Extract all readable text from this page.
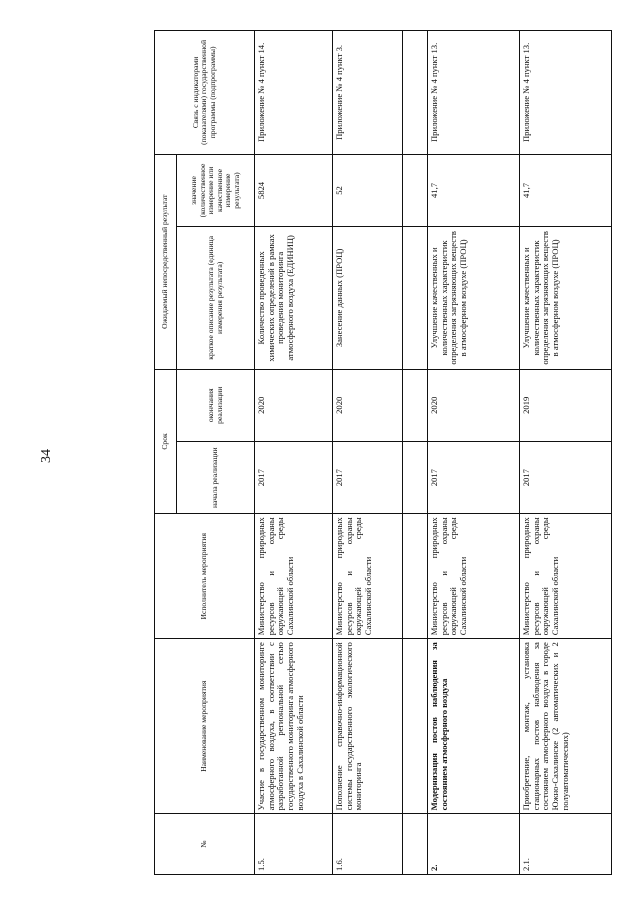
34
№	Наименование мероприятия	Исполнитель мероприятия	Срок		Ожидаемый непосредственный результат		Связь с индикаторами (показателями) государственной программы (подпрограммы)
			начала реализации	окончания реализации	краткое описание результата (единица измерения результата)	значение (количественное измерение или качественное измерение результата)	

1.5.	Участие в государственном мониторинге атмосферного воздуха, в соответствии с разработанной региональной сетью государственного мониторинга атмосферного воздуха в Сахалинской области	Министерство природных ресурсов и охраны окружающей среды Сахалинской области	2017	2020	Количество проведенных химических определений в рамках проведения мониторинга атмосферного воздуха (ЕДИНИЦ)	5824	Приложение № 4 пункт 14.
1.6.	Пополнение справочно-информационной системы государственного экологического мониторинга	Министерство природных ресурсов и охраны окружающей среды Сахалинской области	2017	2020	Занесение данных (ПРОЦ)	52	Приложение № 4 пункт 3.

2.	Модернизация постов наблюдения за состоянием атмосферного воздуха	Министерство природных ресурсов и охраны окружающей среды Сахалинской области	2017	2020	Улучшение качественных и количественных характеристик определения загрязняющих веществ в атмосферном воздухе (ПРОЦ)	41,7	Приложение № 4 пункт 13.
2.1.	Приобретение, монтаж, установка стационарных постов наблюдения за состоянием атмосферного воздуха в городе Южно-Сахалинске (2 автоматических и 2 полуавтоматических)	Министерство природных ресурсов и охраны окружающей среды Сахалинской области	2017	2019	Улучшение качественных и количественных характеристик определения загрязняющих веществ в атмосферном воздухе (ПРОЦ)	41,7	Приложение № 4 пункт 13.
